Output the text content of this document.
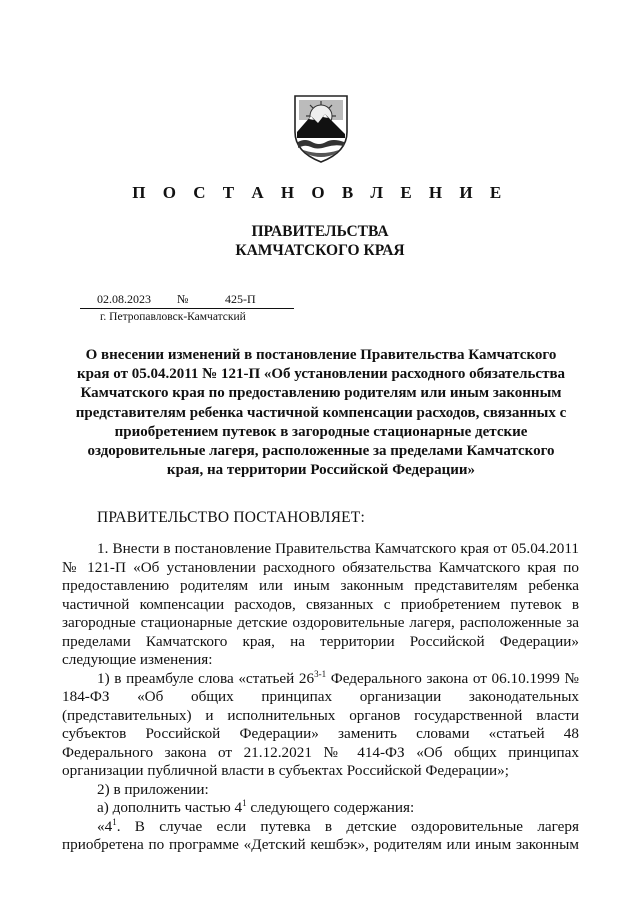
П О С Т А Н О В Л Е Н И Е
ПРАВИТЕЛЬСТВА
КАМЧАТСКОГО КРАЯ
02.08.2023 №	425-П
г. Петропавловск-Камчатский
О внесении изменений в постановление Правительства Камчатского
края от 05.04.2011 № 121-П «Об установлении расходного обязательства
Камчатского края по предоставлению родителям или иным законным
представителям ребенка частичной компенсации расходов, связанных с
приобретением путевок в загородные стационарные детские
оздоровительные лагеря, расположенные за пределами Камчатского
края, на территории Российской Федерации»
ПРАВИТЕЛЬСТВО ПОСТАНОВЛЯЕТ:

1. Внести в постановление Правительства Камчатского края от 05.04.2011 № 121-П «Об установлении расходного обязательства Камчатского края по предоставлению родителям или иным законным представителям ребенка частичной компенсации расходов, связанных с приобретением путевок в загородные стационарные детские оздоровительные лагеря, расположенные за пределами Камчатского края, на территории Российской Федерации» следующие изменения:

1) в преамбуле слова «статьей 26$^{3-1}$ Федерального закона от 06.10.1999 № 184-ФЗ «Об общих принципах организации законодательных (представительных) и исполнительных органов государственной власти субъектов Российской Федерации» заменить словами «статьей 48 Федерального закона от 21.12.2021 № 414-ФЗ «Об общих принципах организации публичной власти в субъектах Российской Федерации»;

2) в приложении:

а) дополнить частью $4^1$ следующего содержания:

«$4^1$. В случае если путевка в детские оздоровительные лагеря приобретена по программе «Детский кешбэк», родителям или иным законным
